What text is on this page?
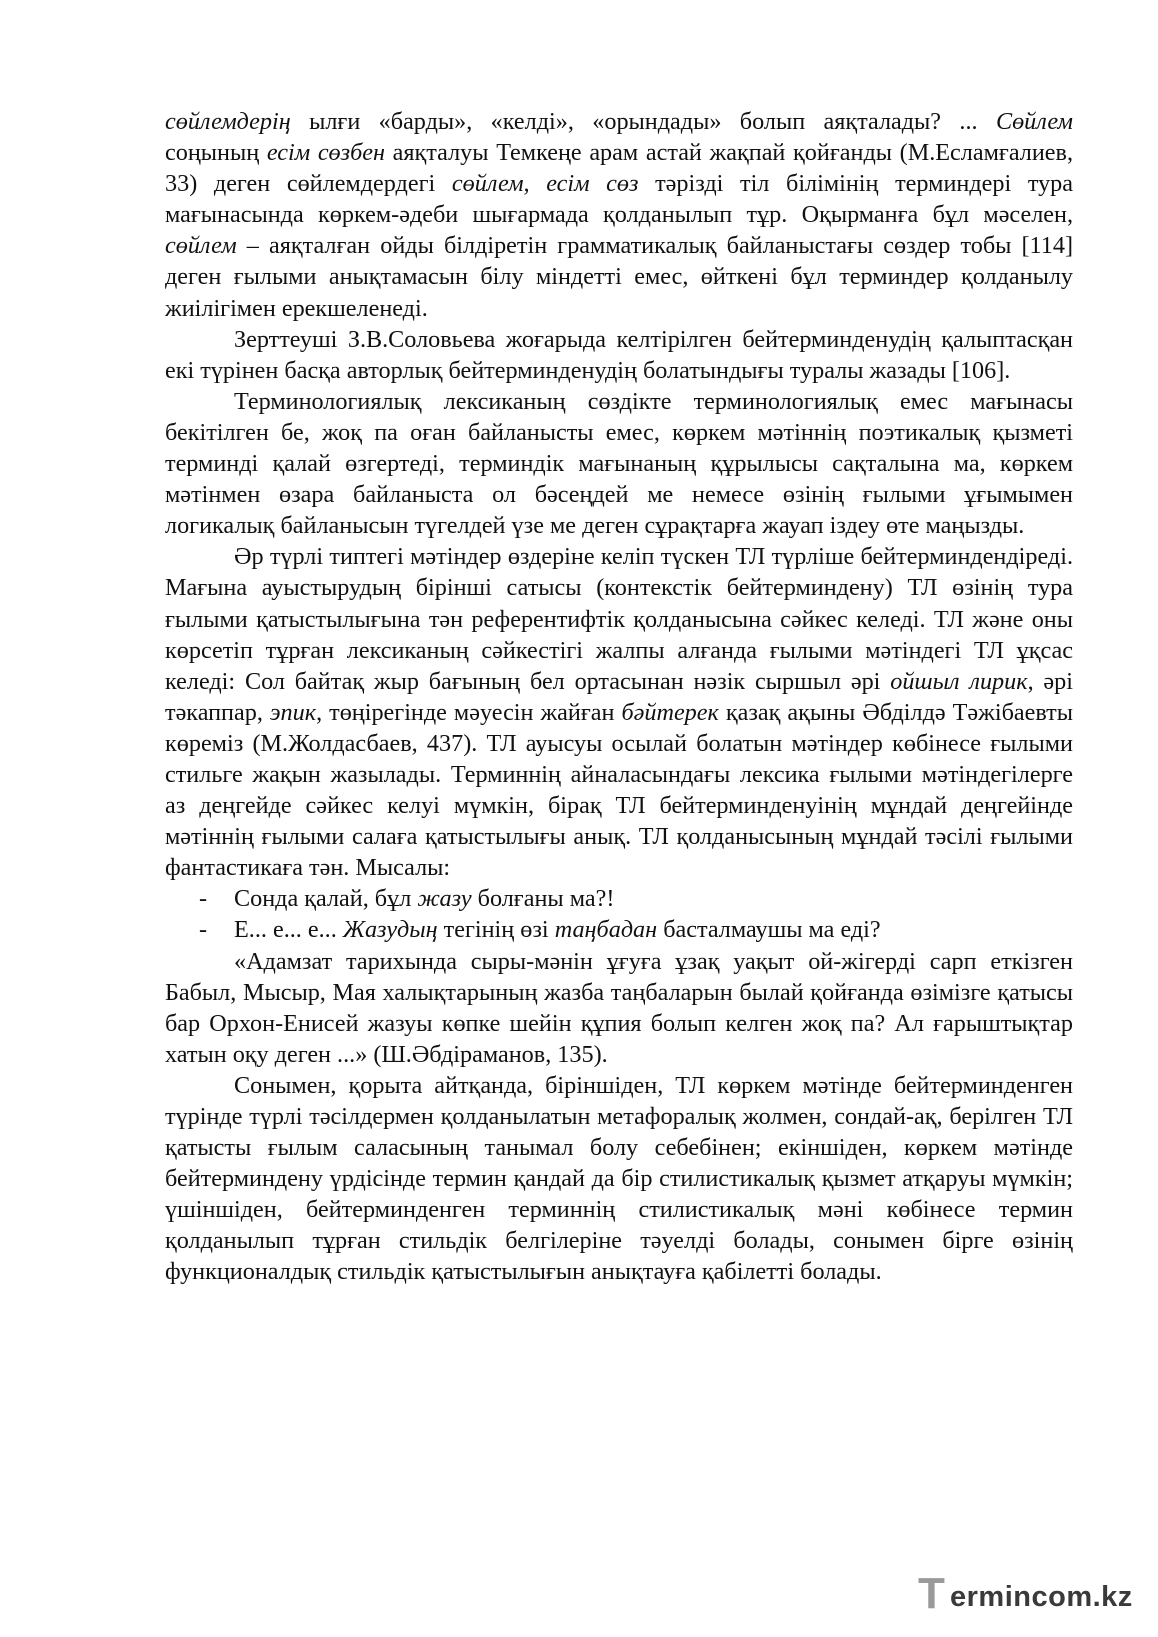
сөйлемдерің ылғи «барды», «келді», «орындады» болып аяқталады? ... Сөйлем соңының есім сөзбен аяқталуы Темкеңе арам астай жақпай қойғанды (М.Есламғалиев, 33) деген сөйлемдердегі сөйлем, есім сөз тәрізді тіл білімінің терминдері тура мағынасында көркем-әдеби шығармада қолданылып тұр. Оқырманға бұл мәселен, сөйлем – аяқталған ойды білдіретін грамматикалық байланыстағы сөздер тобы [114] деген ғылыми анықтамасын білу міндетті емес, өйткені бұл терминдер қолданылу жиілігімен ерекшеленеді.

Зерттеуші З.В.Соловьева жоғарыда келтірілген бейтерминденудің қалыптасқан екі түрінен басқа авторлық бейтерминденудің болатындығы туралы жазады [106].

Терминологиялық лексиканың сөздікте терминологиялық емес мағынасы бекітілген бе, жоқ па оған байланысты емес, көркем мәтіннің поэтикалық қызметі терминді қалай өзгертеді, терминдік мағынаның құрылысы сақталына ма, көркем мәтінмен өзара байланыста ол бәсеңдей ме немесе өзінің ғылыми ұғымымен логикалық байланысын түгелдей үзе ме деген сұрақтарға жауап іздеу өте маңызды.

Әр түрлі типтегі мәтіндер өздеріне келіп түскен ТЛ түрліше бейтерминдендіреді. Мағына ауыстырудың бірінші сатысы (контекстік бейтерминдену) ТЛ өзінің тура ғылыми қатыстылығына тән референтифтік қолданысына сәйкес келеді. ТЛ және оны көрсетіп тұрған лексиканың сәйкестігі жалпы алғанда ғылыми мәтіндегі ТЛ ұқсас келеді: Сол байтақ жыр бағының бел ортасынан нәзік сыршыл әрі ойшыл лирик, әрі тәкаппар, эпик, төңірегінде мәуесін жайған бәйтерек қазақ ақыны Әбділдә Тәжібаевты көреміз (М.Жолдасбаев, 437). ТЛ ауысуы осылай болатын мәтіндер көбінесе ғылыми стильге жақын жазылады. Терминнің айналасындағы лексика ғылыми мәтіндегілерге аз деңгейде сәйкес келуі мүмкін, бірақ ТЛ бейтерминденуінің мұндай деңгейінде мәтіннің ғылыми салаға қатыстылығы анық. ТЛ қолданысының мұндай тәсілі ғылыми фантастикаға тән. Мысалы:

- Сонда қалай, бұл жазу болғаны ма?!

- Е... е... е... Жазудың тегінің өзі таңбадан басталмаушы ма еді?

«Адамзат тарихында сыры-мәнін ұғуға ұзақ уақыт ой-жігерді сарп еткізген Бабыл, Мысыр, Мая халықтарының жазба таңбаларын былай қойғанда өзімізге қатысы бар Орхон-Енисей жазуы көпке шейін құпия болып келген жоқ па? Ал ғарыштықтар хатын оқу деген ...» (Ш.Әбдіраманов, 135).

Сонымен, қорыта айтқанда, біріншіден, ТЛ көркем мәтінде бейтерминденген түрінде түрлі тәсілдермен қолданылатын метафоралық жолмен, сондай-ақ, берілген ТЛ қатысты ғылым саласының танымал болу себебінен; екіншіден, көркем мәтінде бейтерминдену үрдісінде термин қандай да бір стилистикалық қызмет атқаруы мүмкін; үшіншіден, бейтерминденген терминнің стилистикалық мәні көбінесе термин қолданылып тұрған стильдік белгілеріне тәуелді болады, сонымен бірге өзінің функционалдық стильдік қатыстылығын анықтауға қабілетті болады.

T ermincom.kz
